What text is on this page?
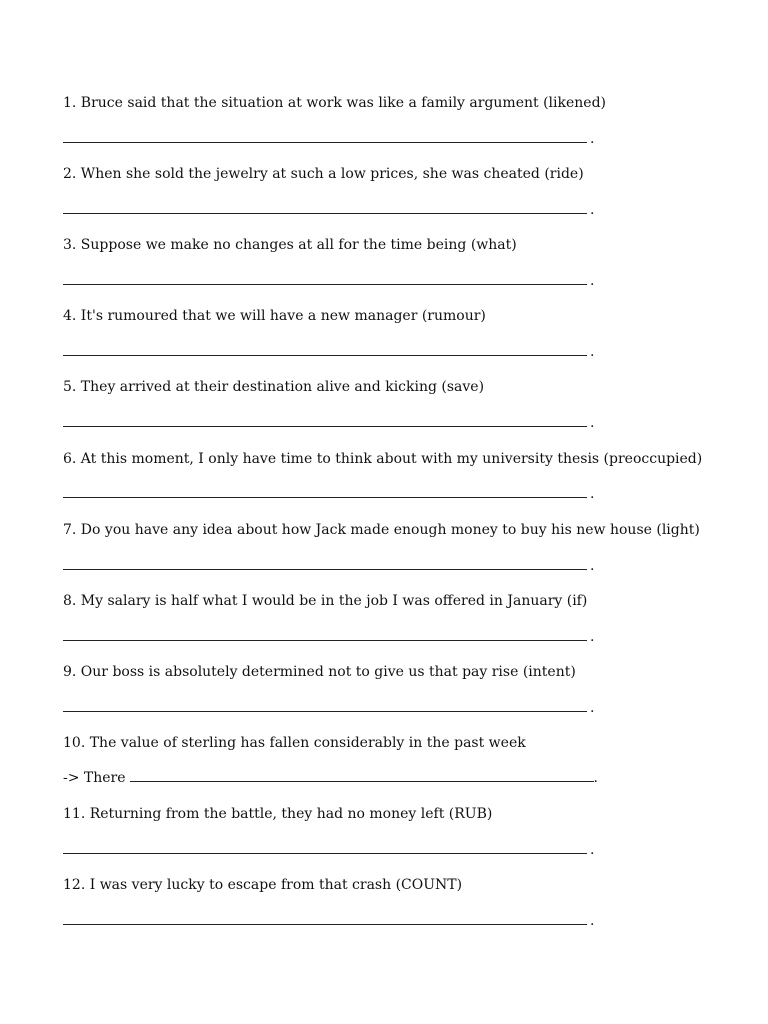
1. Bruce said that the situation at work was like a family argument (likened)
.
2. When she sold the jewelry at such a low prices, she was cheated (ride)
.
3. Suppose we make no changes at all for the time being (what)
.
4. It's rumoured that we will have a new manager (rumour)
.
5. They arrived at their destination alive and kicking (save)
.
6. At this moment, I only have time to think about with my university thesis (preoccupied)
.
7. Do you have any idea about how Jack made enough money to buy his new house (light)
.
8. My salary is half what I would be in the job I was offered in January (if)
.
9. Our boss is absolutely determined not to give us that pay rise (intent)
.
10. The value of sterling has fallen considerably in the past week
-> There	.
11. Returning from the battle, they had no money left (RUB)
.
12. I was very lucky to escape from that crash (COUNT)
.
